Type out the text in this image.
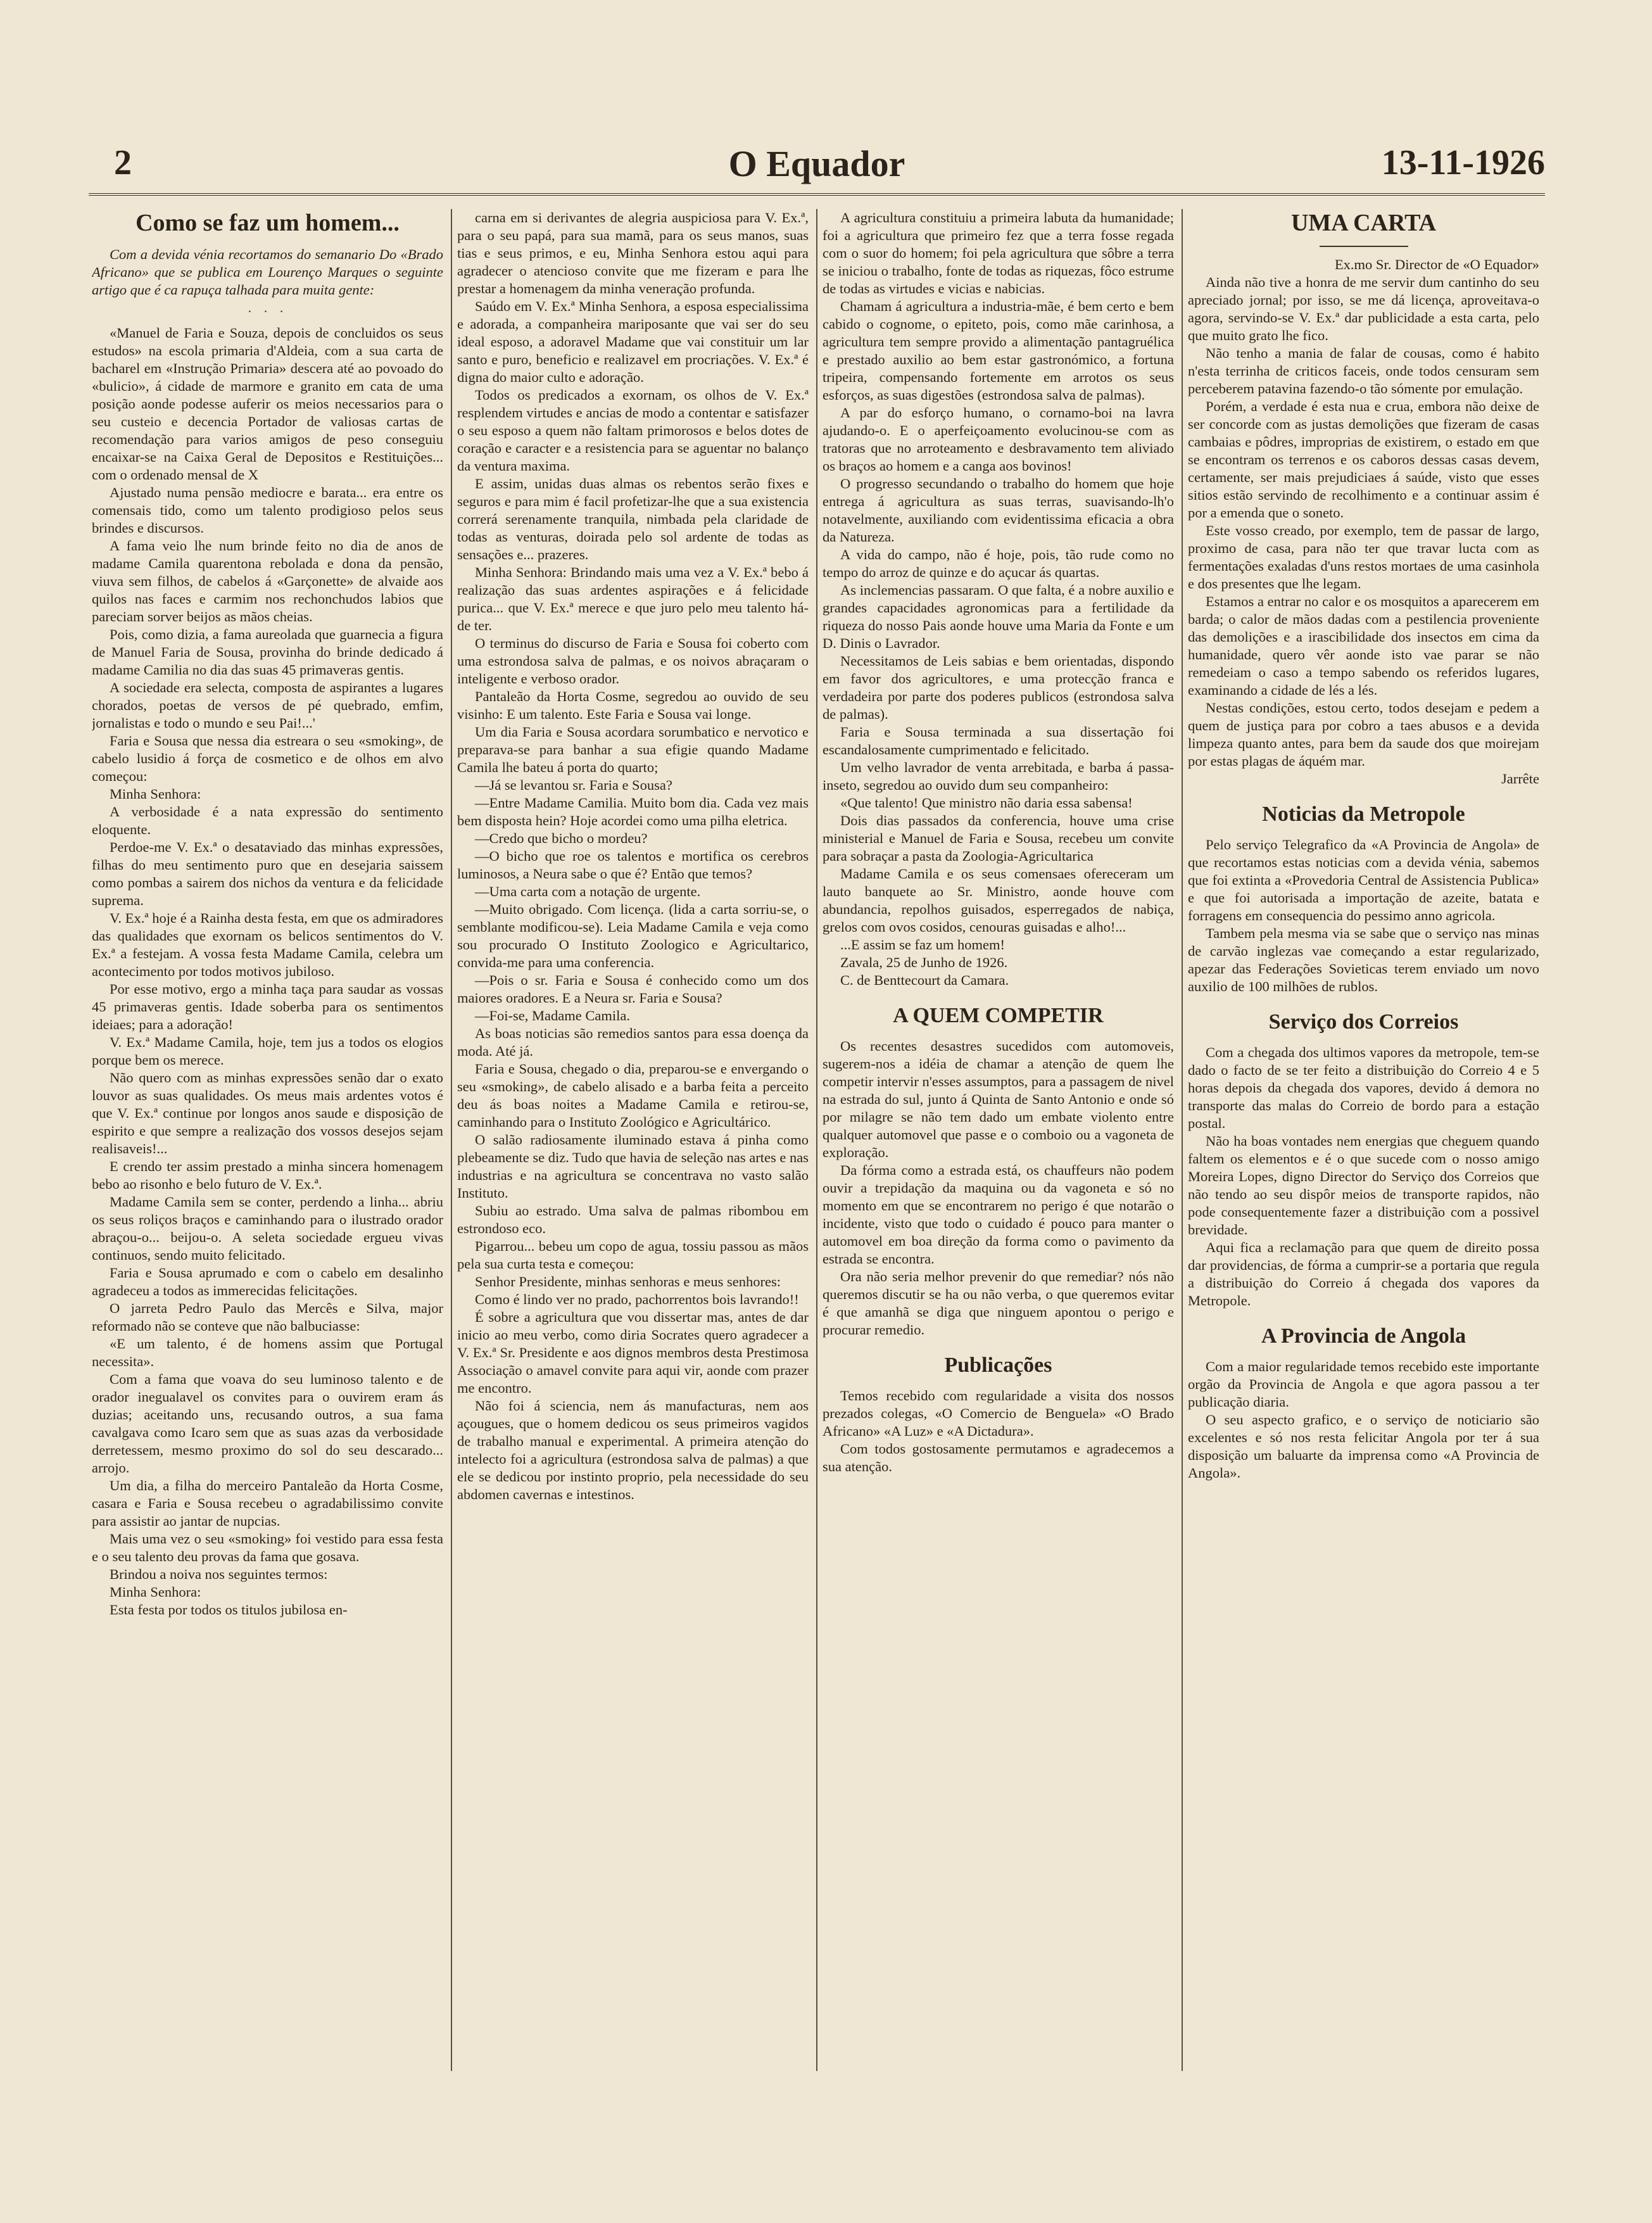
2	O Equador	13-11-1926
Como se faz um homem...

Com a devida vénia recortamos do semanario Do «Brado Africano» que se publica em Lourenço Marques o seguinte artigo que é ca rapuça talhada para muita gente:

· · ·

«Manuel de Faria e Souza, depois de concluidos os seus estudos» na escola primaria d'Aldeia, com a sua carta de bacharel em «Instrução Primaria» descera até ao povoado do «bulicio», á cidade de marmore e granito em cata de uma posição aonde podesse auferir os meios necessarios para o seu custeio e decencia Portador de valiosas cartas de recomendação para varios amigos de peso conseguiu encaixar-se na Caixa Geral de Depositos e Restituições... com o ordenado mensal de X

Ajustado numa pensão mediocre e barata... era entre os comensais tido, como um talento prodigioso pelos seus brindes e discursos.

A fama veio lhe num brinde feito no dia de anos de madame Camila quarentona rebolada e dona da pensão, viuva sem filhos, de cabelos á «Garçonette» de alvaide aos quilos nas faces e carmim nos rechonchudos labios que pareciam sorver beijos as mãos cheias.

Pois, como dizia, a fama aureolada que guarnecia a figura de Manuel Faria de Sousa, provinha do brinde dedicado á madame Camilia no dia das suas 45 primaveras gentis.

A sociedade era selecta, composta de aspirantes a lugares chorados, poetas de versos de pé quebrado, emfim, jornalistas e todo o mundo e seu Pai!...'

Faria e Sousa que nessa dia estreara o seu «smoking», de cabelo lusidio á força de cosmetico e de olhos em alvo começou:

Minha Senhora:

A verbosidade é a nata expressão do sentimento eloquente.

Perdoe-me V. Ex.ª o desataviado das minhas expressões, filhas do meu sentimento puro que en desejaria saissem como pombas a sairem dos nichos da ventura e da felicidade suprema.

V. Ex.ª hoje é a Rainha desta festa, em que os admiradores das qualidades que exornam os belicos sentimentos do V. Ex.ª a festejam. A vossa festa Madame Camila, celebra um acontecimento por todos motivos jubiloso.

Por esse motivo, ergo a minha taça para saudar as vossas 45 primaveras gentis. Idade soberba para os sentimentos ideiaes; para a adoração!

V. Ex.ª Madame Camila, hoje, tem jus a todos os elogios porque bem os merece.

Não quero com as minhas expressões senão dar o exato louvor as suas qualidades. Os meus mais ardentes votos é que V. Ex.ª continue por longos anos saude e disposição de espirito e que sempre a realização dos vossos desejos sejam realisaveis!...

E crendo ter assim prestado a minha sincera homenagem bebo ao risonho e belo futuro de V. Ex.ª.

Madame Camila sem se conter, perdendo a linha... abriu os seus roliços braços e caminhando para o ilustrado orador abraçou-o... beijou-o. A seleta sociedade ergueu vivas continuos, sendo muito felicitado.

Faria e Sousa aprumado e com o cabelo em desalinho agradeceu a todos as immerecidas felicitações.

O jarreta Pedro Paulo das Mercês e Silva, major reformado não se conteve que não balbuciasse:

«E um talento, é de homens assim que Portugal necessita».

Com a fama que voava do seu luminoso talento e de orador inegualavel os convites para o ouvirem eram ás duzias; aceitando uns, recusando outros, a sua fama cavalgava como Icaro sem que as suas azas da verbosidade derretessem, mesmo proximo do sol do seu descarado... arrojo.

Um dia, a filha do merceiro Pantaleão da Horta Cosme, casara e Faria e Sousa recebeu o agradabilissimo convite para assistir ao jantar de nupcias.

Mais uma vez o seu «smoking» foi vestido para essa festa e o seu talento deu provas da fama que gosava.

Brindou a noiva nos seguintes termos:

Minha Senhora:

Esta festa por todos os titulos jubilosa en-

carna em si derivantes de alegria auspiciosa para V. Ex.ª, para o seu papá, para sua mamã, para os seus manos, suas tias e seus primos, e eu, Minha Senhora estou aqui para agradecer o atencioso convite que me fizeram e para lhe prestar a homenagem da minha veneração profunda.

Saúdo em V. Ex.ª Minha Senhora, a esposa especialissima e adorada, a companheira mariposante que vai ser do seu ideal esposo, a adoravel Madame que vai constituir um lar santo e puro, beneficio e realizavel em procriações. V. Ex.ª é digna do maior culto e adoração.

Todos os predicados a exornam, os olhos de V. Ex.ª resplendem virtudes e ancias de modo a contentar e satisfazer o seu esposo a quem não faltam primorosos e belos dotes de coração e caracter e a resistencia para se aguentar no balanço da ventura maxima.

E assim, unidas duas almas os rebentos serão fixes e seguros e para mim é facil profetizar-lhe que a sua existencia correrá serenamente tranquila, nimbada pela claridade de todas as venturas, doirada pelo sol ardente de todas as sensações e... prazeres.

Minha Senhora: Brindando mais uma vez a V. Ex.ª bebo á realização das suas ardentes aspirações e á felicidade purica... que V. Ex.ª merece e que juro pelo meu talento há-de ter.

O terminus do discurso de Faria e Sousa foi coberto com uma estrondosa salva de palmas, e os noivos abraçaram o inteligente e verboso orador.

Pantaleão da Horta Cosme, segredou ao ouvido de seu visinho: E um talento. Este Faria e Sousa vai longe.

Um dia Faria e Sousa acordara sorumbatico e nervotico e preparava-se para banhar a sua efigie quando Madame Camila lhe bateu á porta do quarto;

—Já se levantou sr. Faria e Sousa?

—Entre Madame Camilia. Muito bom dia. Cada vez mais bem disposta hein? Hoje acordei como uma pilha eletrica.

—Credo que bicho o mordeu?

—O bicho que roe os talentos e mortifica os cerebros luminosos, a Neura sabe o que é? Então que temos?

—Uma carta com a notação de urgente.

—Muito obrigado. Com licença. (lida a carta sorriu-se, o semblante modificou-se). Leia Madame Camila e veja como sou procurado O Instituto Zoologico e Agricultarico, convida-me para uma conferencia.

—Pois o sr. Faria e Sousa é conhecido como um dos maiores oradores. E a Neura sr. Faria e Sousa?

—Foi-se, Madame Camila.

As boas noticias são remedios santos para essa doença da moda. Até já.

Faria e Sousa, chegado o dia, preparou-se e envergando o seu «smoking», de cabelo alisado e a barba feita a perceito deu ás boas noites a Madame Camila e retirou-se, caminhando para o Instituto Zoológico e Agricultárico.

O salão radiosamente iluminado estava á pinha como plebeamente se diz. Tudo que havia de seleção nas artes e nas industrias e na agricultura se concentrava no vasto salão Instituto.

Subiu ao estrado. Uma salva de palmas ribombou em estrondoso eco.

Pigarrou... bebeu um copo de agua, tossiu passou as mãos pela sua curta testa e começou:

Senhor Presidente, minhas senhoras e meus senhores:

Como é lindo ver no prado, pachorrentos bois lavrando!!

É sobre a agricultura que vou dissertar mas, antes de dar inicio ao meu verbo, como diria Socrates quero agradecer a V. Ex.ª Sr. Presidente e aos dignos membros desta Prestimosa Associação o amavel convite para aqui vir, aonde com prazer me encontro.

Não foi á sciencia, nem ás manufacturas, nem aos açougues, que o homem dedicou os seus primeiros vagidos de trabalho manual e experimental. A primeira atenção do intelecto foi a agricultura (estrondosa salva de palmas) a que ele se dedicou por instinto proprio, pela necessidade do seu abdomen cavernas e intestinos.

A agricultura constituiu a primeira labuta da humanidade; foi a agricultura que primeiro fez que a terra fosse regada com o suor do homem; foi pela agricultura que sôbre a terra se iniciou o trabalho, fonte de todas as riquezas, fôco estrume de todas as virtudes e vicias e nabicias.

Chamam á agricultura a industria-mãe, é bem certo e bem cabido o cognome, o epiteto, pois, como mãe carinhosa, a agricultura tem sempre provido a alimentação pantagruélica e prestado auxilio ao bem estar gastronómico, a fortuna tripeira, compensando fortemente em arrotos os seus esforços, as suas digestões (estrondosa salva de palmas).

A par do esforço humano, o cornamo-boi na lavra ajudando-o. E o aperfeiçoamento evolucinou-se com as tratoras que no arroteamento e desbravamento tem aliviado os braços ao homem e a canga aos bovinos!

O progresso secundando o trabalho do homem que hoje entrega á agricultura as suas terras, suavisando-lh'o notavelmente, auxiliando com evidentissima eficacia a obra da Natureza.

A vida do campo, não é hoje, pois, tão rude como no tempo do arroz de quinze e do açucar ás quartas.

As inclemencias passaram. O que falta, é a nobre auxilio e grandes capacidades agronomicas para a fertilidade da riqueza do nosso Pais aonde houve uma Maria da Fonte e um D. Dinis o Lavrador.

Necessitamos de Leis sabias e bem orientadas, dispondo em favor dos agricultores, e uma protecção franca e verdadeira por parte dos poderes publicos (estrondosa salva de palmas).

Faria e Sousa terminada a sua dissertação foi escandalosamente cumprimentado e felicitado.

Um velho lavrador de venta arrebitada, e barba á passa-inseto, segredou ao ouvido dum seu companheiro:

«Que talento! Que ministro não daria essa sabensa!

Dois dias passados da conferencia, houve uma crise ministerial e Manuel de Faria e Sousa, recebeu um convite para sobraçar a pasta da Zoologia-Agricultarica

Madame Camila e os seus comensaes ofereceram um lauto banquete ao Sr. Ministro, aonde houve com abundancia, repolhos guisados, esperregados de nabiça, grelos com ovos cosidos, cenouras guisadas e alho!...

...E assim se faz um homem!

Zavala, 25 de Junho de 1926.

C. de Benttecourt da Camara.

A QUEM COMPETIR

Os recentes desastres sucedidos com automoveis, sugerem-nos a idéia de chamar a atenção de quem lhe competir intervir n'esses assumptos, para a passagem de nivel na estrada do sul, junto á Quinta de Santo Antonio e onde só por milagre se não tem dado um embate violento entre qualquer automovel que passe e o comboio ou a vagoneta de exploração.

Da fórma como a estrada está, os chauffeurs não podem ouvir a trepidação da maquina ou da vagoneta e só no momento em que se encontrarem no perigo é que notarão o incidente, visto que todo o cuidado é pouco para manter o automovel em boa direção da forma como o pavimento da estrada se encontra.

Ora não seria melhor prevenir do que remediar? nós não queremos discutir se ha ou não verba, o que queremos evitar é que amanhã se diga que ninguem apontou o perigo e procurar remedio.

Publicações

Temos recebido com regularidade a visita dos nossos prezados colegas, «O Comercio de Benguela» «O Brado Africano» «A Luz» e «A Dictadura».

Com todos gostosamente permutamos e agradecemos a sua atenção.

UMA CARTA
Ex.mo Sr. Director de «O Equador»

Ainda não tive a honra de me servir dum cantinho do seu apreciado jornal; por isso, se me dá licença, aproveitava-o agora, servindo-se V. Ex.ª dar publicidade a esta carta, pelo que muito grato lhe fico.

Não tenho a mania de falar de cousas, como é habito n'esta terrinha de criticos faceis, onde todos censuram sem perceberem patavina fazendo-o tão sómente por emulação.

Porém, a verdade é esta nua e crua, embora não deixe de ser concorde com as justas demolições que fizeram de casas cambaias e pôdres, improprias de existirem, o estado em que se encontram os terrenos e os caboros dessas casas devem, certamente, ser mais prejudiciaes á saúde, visto que esses sitios estão servindo de recolhimento e a continuar assim é por a emenda que o soneto.

Este vosso creado, por exemplo, tem de passar de largo, proximo de casa, para não ter que travar lucta com as fermentações exaladas d'uns restos mortaes de uma casinhola e dos presentes que lhe legam.

Estamos a entrar no calor e os mosquitos a aparecerem em barda; o calor de mãos dadas com a pestilencia proveniente das demolições e a irascibilidade dos insectos em cima da humanidade, quero vêr aonde isto vae parar se não remedeiam o caso a tempo sabendo os referidos lugares, examinando a cidade de lés a lés.

Nestas condições, estou certo, todos desejam e pedem a quem de justiça para por cobro a taes abusos e a devida limpeza quanto antes, para bem da saude dos que moirejam por estas plagas de áquém mar.

Jarrête
Noticias da Metropole

Pelo serviço Telegrafico da «A Provincia de Angola» de que recortamos estas noticias com a devida vénia, sabemos que foi extinta a «Provedoria Central de Assistencia Publica» e que foi autorisada a importação de azeite, batata e forragens em consequencia do pessimo anno agricola.

Tambem pela mesma via se sabe que o serviço nas minas de carvão inglezas vae começando a estar regularizado, apezar das Federações Sovieticas terem enviado um novo auxilio de 100 milhões de rublos.

Serviço dos Correios

Com a chegada dos ultimos vapores da metropole, tem-se dado o facto de se ter feito a distribuição do Correio 4 e 5 horas depois da chegada dos vapores, devido á demora no transporte das malas do Correio de bordo para a estação postal.

Não ha boas vontades nem energias que cheguem quando faltem os elementos e é o que sucede com o nosso amigo Moreira Lopes, digno Director do Serviço dos Correios que não tendo ao seu dispôr meios de transporte rapidos, não pode consequentemente fazer a distribuição com a possivel brevidade.

Aqui fica a reclamação para que quem de direito possa dar providencias, de fórma a cumprir-se a portaria que regula a distribuição do Correio á chegada dos vapores da Metropole.

A Provincia de Angola

Com a maior regularidade temos recebido este importante orgão da Provincia de Angola e que agora passou a ter publicação diaria.

O seu aspecto grafico, e o serviço de noticiario são excelentes e só nos resta felicitar Angola por ter á sua disposição um baluarte da imprensa como «A Provincia de Angola».
